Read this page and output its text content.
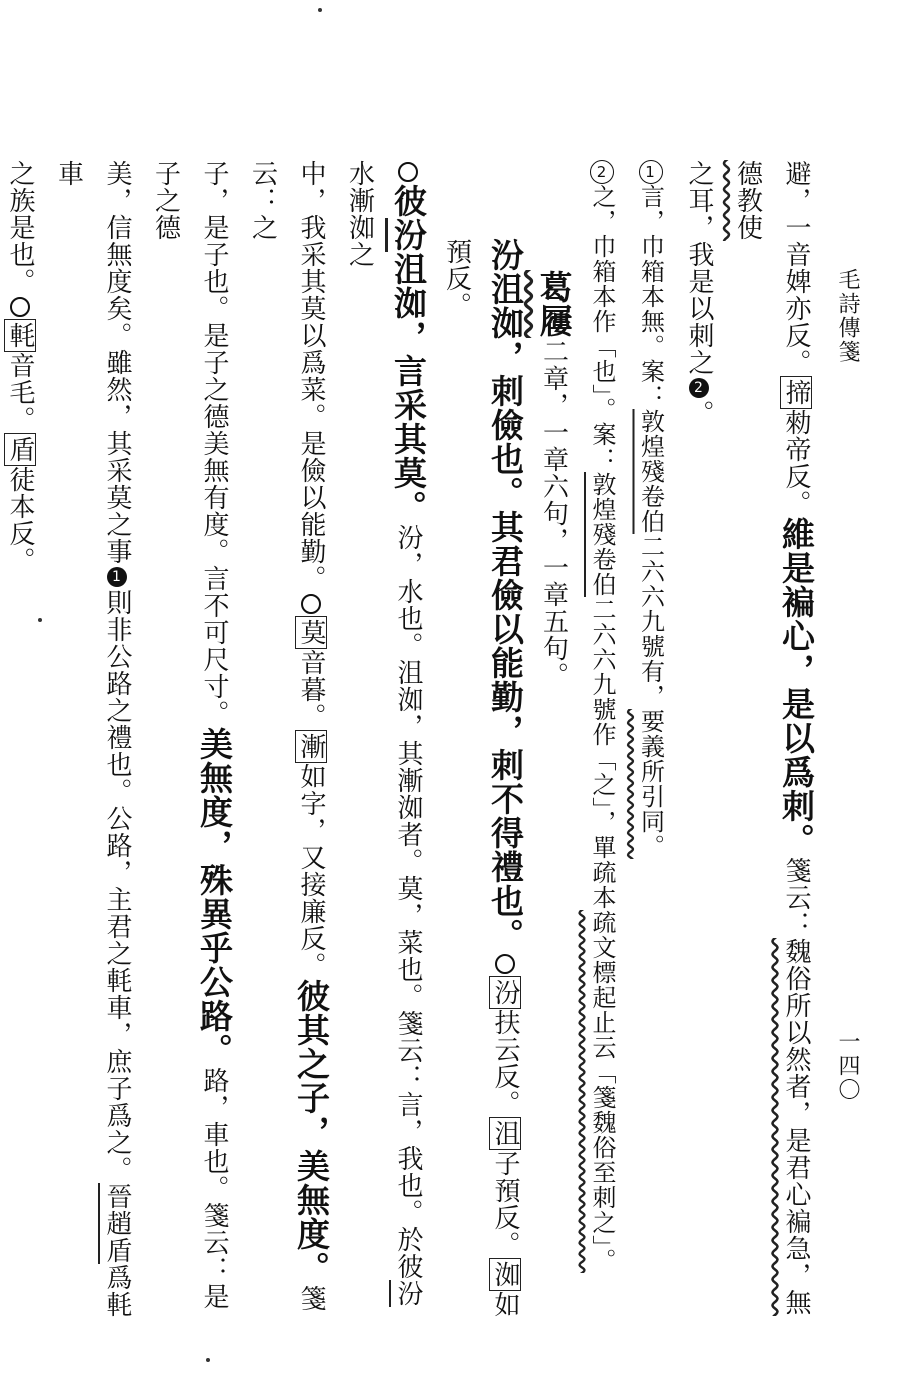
毛詩傳箋
一四〇

避，一音婢亦反。揥勑帝反。維是褊心，是以爲刺。箋云：魏俗所以然者，是君心褊急，無德教使

之耳，我是以刺之2。

1言，巾箱本無。案：敦煌殘卷伯二六六九號有，要義所引同。

2之，巾箱本作「也」。案：敦煌殘卷伯二六六九號作「之」，單疏本疏文標起止云「箋魏俗至刺之」。

葛屨二章，一章六句，一章五句。

汾沮洳，刺儉也。其君儉以能勤，刺不得禮也。汾扶云反。沮子預反。洳如預反。

彼汾沮洳，言采其莫。汾，水也。沮洳，其漸洳者。莫，菜也。箋云：言，我也。於彼汾水漸洳之

中，我采其莫以爲菜。是儉以能勤。莫音暮。漸如字，又接廉反。彼其之子，美無度。箋云：之

子，是子也。是子之德美無有度。言不可尺寸。美無度，殊異乎公路。路，車也。箋云：是子之德

美，信無度矣。雖然，其采莫之事1則非公路之禮也。公路，主君之軞車，庶子爲之。晉趙盾爲軞車

之族是也。軞音毛。盾徒本反。
